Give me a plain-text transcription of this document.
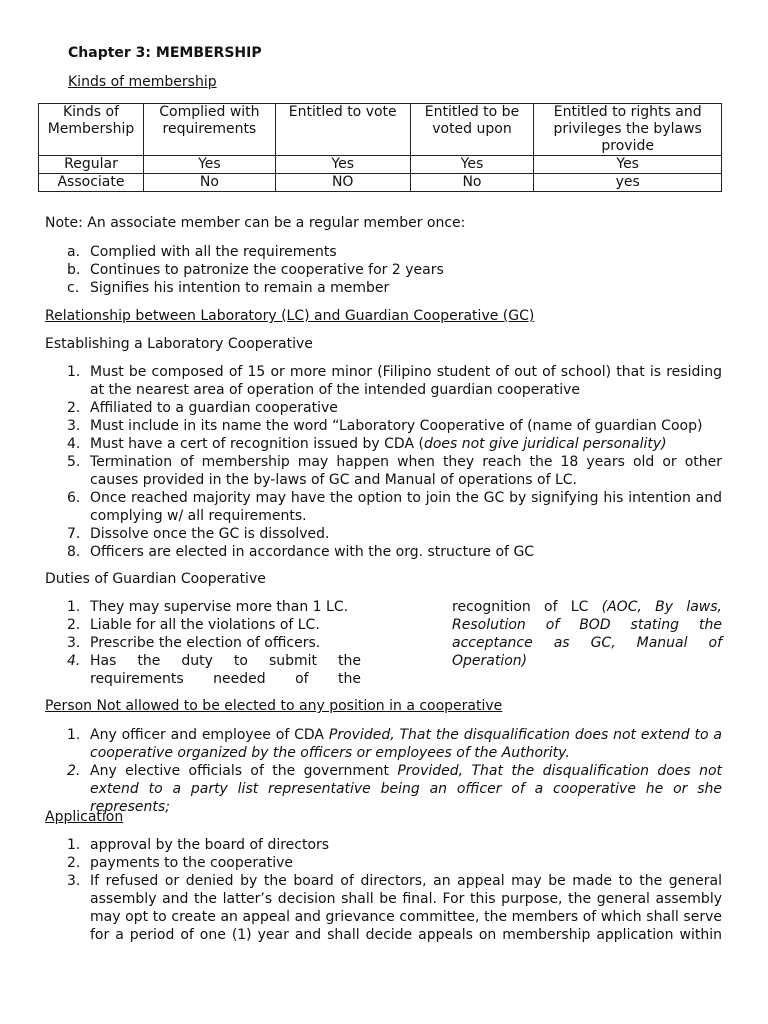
Chapter 3: MEMBERSHIP
Kinds of membership
Kinds of Membership	Complied with requirements	Entitled to vote	Entitled to be voted upon	Entitled to rights and privileges the bylaws provide
Regular	Yes	Yes	Yes	Yes
Associate	No	NO	No	yes
Note: An associate member can be a regular member once:
a. Complied with all the requirements
b. Continues to patronize the cooperative for 2 years
c. Signifies his intention to remain a member
Relationship between Laboratory (LC) and Guardian Cooperative (GC)
Establishing a Laboratory Cooperative
1. Must be composed of 15 or more minor (Filipino student of out of school) that is residing at the nearest area of operation of the intended guardian cooperative
2. Affiliated to a guardian cooperative
3. Must include in its name the word “Laboratory Cooperative of (name of guardian Coop)
4. Must have a cert of recognition issued by CDA (does not give juridical personality)
5. Termination of membership may happen when they reach the 18 years old or other causes provided in the by-laws of GC and Manual of operations of LC.
6. Once reached majority may have the option to join the GC by signifying his intention and complying w/ all requirements.
7. Dissolve once the GC is dissolved.
8. Officers are elected in accordance with the org. structure of GC
Duties of Guardian Cooperative
1. They may supervise more than 1 LC.
2. Liable for all the violations of LC.
3. Prescribe the election of officers.
4. Has the duty to submit the requirements needed of the
recognition of LC (AOC, By laws, Resolution of BOD stating the acceptance as GC, Manual of Operation)
Person Not allowed to be elected to any position in a cooperative
1. Any officer and employee of CDA Provided, That the disqualification does not extend to a cooperative organized by the officers or employees of the Authority.
2. Any elective officials of the government Provided, That the disqualification does not extend to a party list representative being an officer of a cooperative he or she represents;
Application
1. approval by the board of directors
2. payments to the cooperative
3. If refused or denied by the board of directors, an appeal may be made to the general assembly and the latter’s decision shall be final. For this purpose, the general assembly may opt to create an appeal and grievance committee, the members of which shall serve for a period of one (1) year and shall decide appeals on membership application within
